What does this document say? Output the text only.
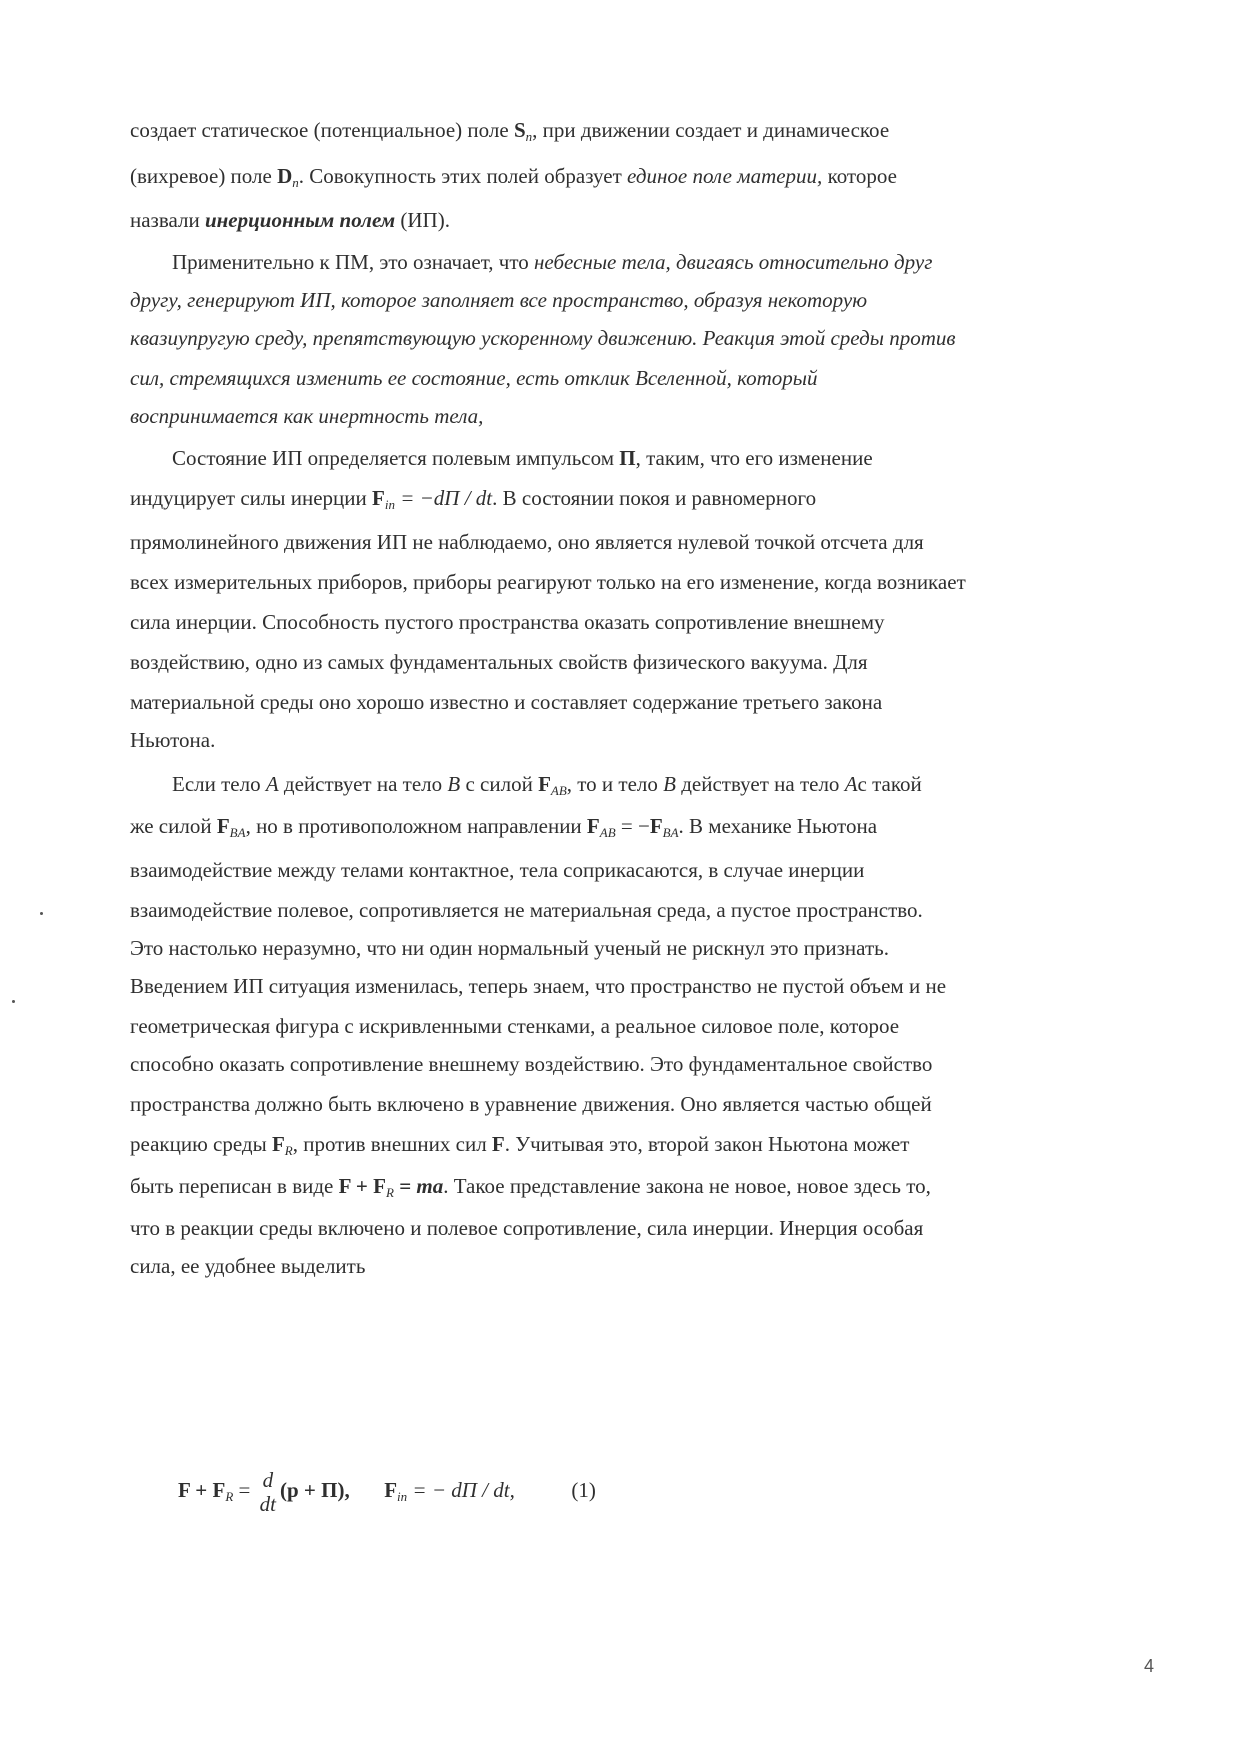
создает статическое (потенциальное) поле $S_n$, при движении создает и динамическое
(вихревое) поле $D_n$. Совокупность этих полей образует единое поле материи, которое
назвали инерционным полем (ИП).
Применительно к ПМ, это означает, что небесные тела, двигаясь относительно друг
другу, генерируют ИП, которое заполняет все пространство, образуя некоторую
квазиупругую среду, препятствующую ускоренному движению. Реакция этой среды против
сил, стремящихся изменить ее состояние, есть отклик Вселенной, который
воспринимается как инертность тела,
Состояние ИП определяется полевым импульсом П, таким, что его изменение
индуцирует силы инерции $F_{in} = -dП$ / dt. В состоянии покоя и равномерного
прямолинейного движения ИП не наблюдаемо, оно является нулевой точкой отсчета для
всех измерительных приборов, приборы реагируют только на его изменение, когда возникает
сила инерции. Способность пустого пространства оказать сопротивление внешнему
воздействию, одно из самых фундаментальных свойств физического вакуума. Для
материальной среды оно хорошо известно и составляет содержание третьего закона
Ньютона.
Если тело A действует на тело B с силой $F_{AB}$, то и тело B действует на тело Aс такой
же силой $F_{BA}$, но в противоположном направлении $F_{AB} = -F_{BA}$. В механике Ньютона
взаимодействие между телами контактное, тела соприкасаются, в случае инерции
взаимодействие полевое, сопротивляется не материальная среда, а пустое пространство.
Это настолько неразумно, что ни один нормальный ученый не рискнул это признать.
Введением ИП ситуация изменилась, теперь знаем, что пространство не пустой объем и не
геометрическая фигура с искривленными стенками, а реальное силовое поле, которое
способно оказать сопротивление внешнему воздействию. Это фундаментальное свойство
пространства должно быть включено в уравнение движения. Оно является частью общей
реакцию среды $F_R$, против внешних сил F. Учитывая это, второй закон Ньютона может
быть переписан в виде $F + F_R$ = ma. Такое представление закона не новое, новое здесь то,
что в реакции среды включено и полевое сопротивление, сила инерции. Инерция особая
сила, ее удобнее выделить
$F + F_R = d$
dt
(p + П), $F_{in}$ = − dП / dt,	(1)
4
